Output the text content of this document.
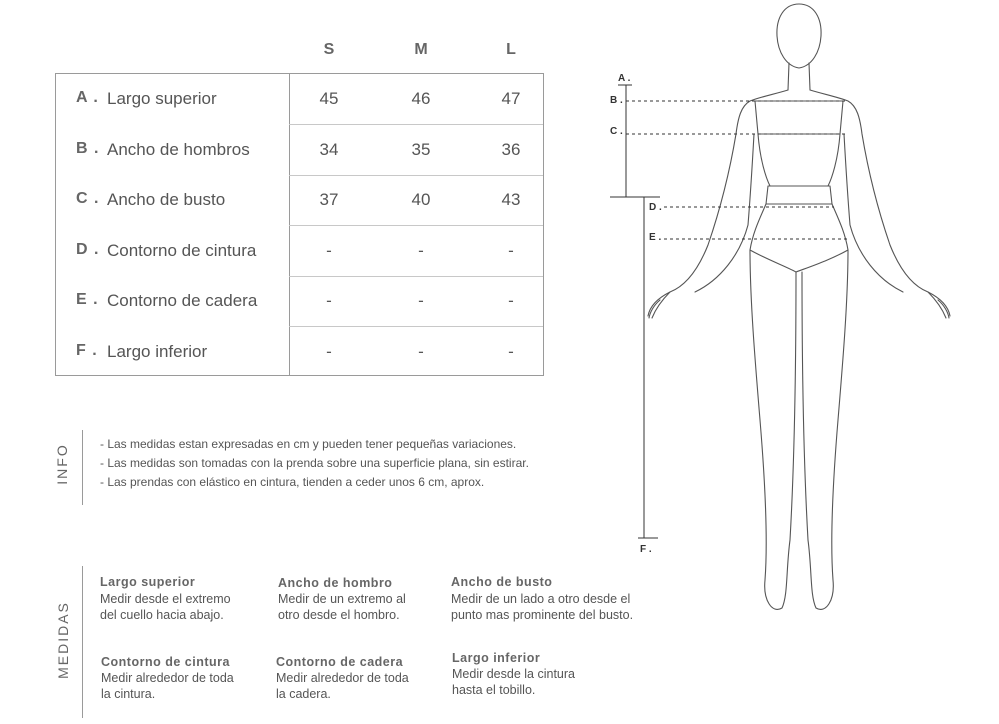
S	M	L
A . Largo superior	45	46	47
B . Ancho de hombros	34	35	36
C . Ancho de busto	37	40	43
D . Contorno de cintura	-	-	-
E . Contorno de cadera	-	-	-
F . Largo inferior	-	-	-
INFO	- Las medidas estan expresadas en cm y pueden tener pequeñas variaciones.
- Las medidas son tomadas con la prenda sobre una superficie plana, sin estirar.
- Las prendas con elástico en cintura, tienden a ceder unos 6 cm, aprox.
MEDIDAS
Largo superior
Medir desde el extremo
del cuello hacia abajo.
Ancho de hombro
Medir de un extremo al
otro desde el hombro.
Ancho de busto
Medir de un lado a otro desde el
punto mas prominente del busto.
Contorno de cintura
Medir alrededor de toda
la cintura.
Contorno de cadera
Medir alrededor de toda
la cadera.
Largo inferior
Medir desde la cintura
hasta el tobillo.
A .
B .
C .
D .
E .
F .
